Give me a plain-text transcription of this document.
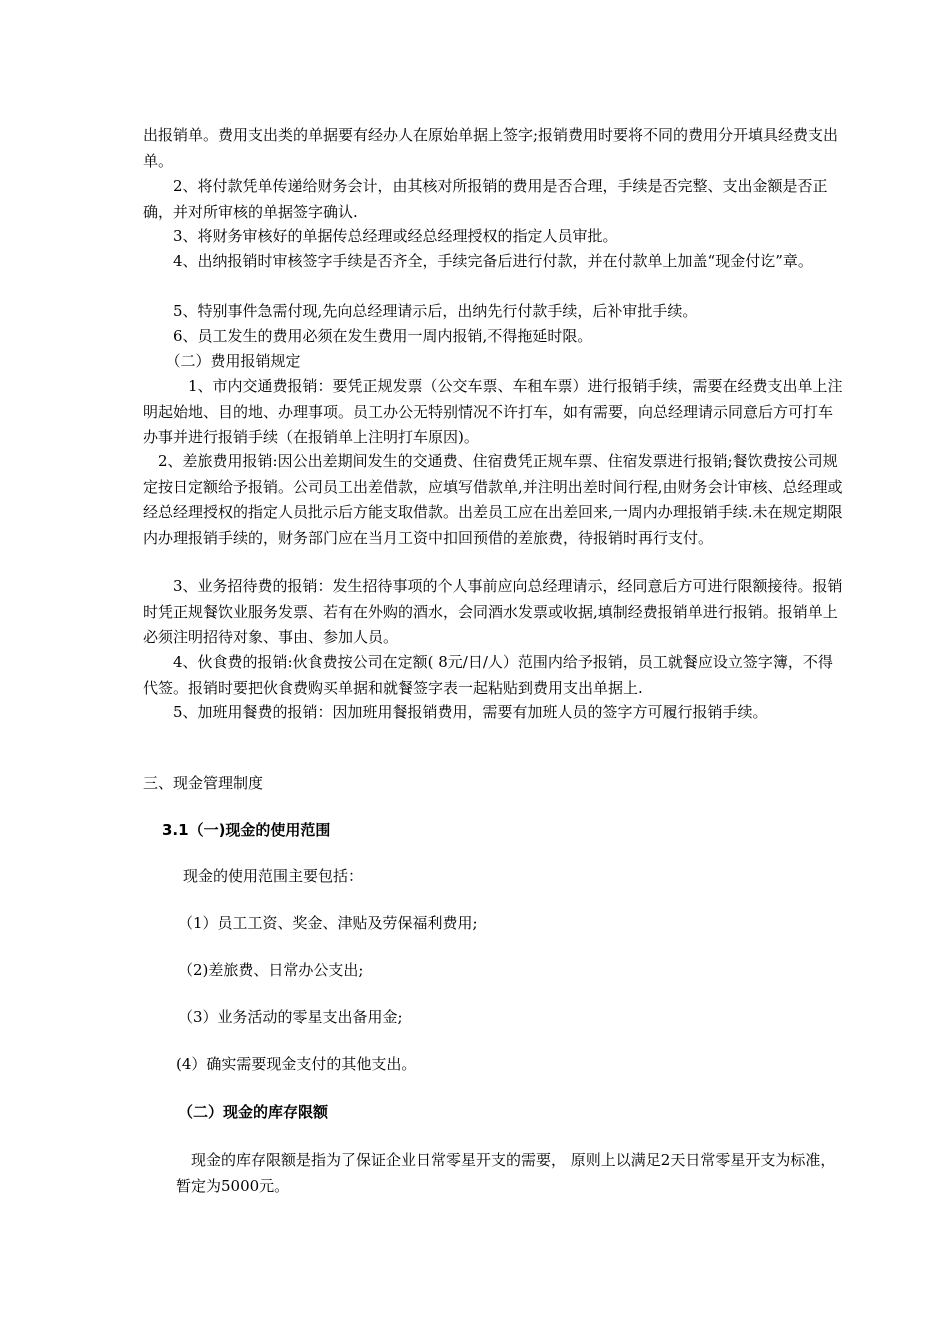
出报销单。费用支出类的单据要有经办人在原始单据上签字;报销费用时要将不同的费用分开填具经费支出单。

　　2、将付款凭单传递给财务会计，由其核对所报销的费用是否合理，手续是否完整、支出金额是否正确，并对所审核的单据签字确认.

　　3、将财务审核好的单据传总经理或经总经理授权的指定人员审批。

　　4、出纳报销时审核签字手续是否齐全，手续完备后进行付款，并在付款单上加盖“现金付讫”章。

　　5、特别事件急需付现,先向总经理请示后，出纳先行付款手续，后补审批手续。

　　6、员工发生的费用必须在发生费用一周内报销,不得拖延时限。

　　（二）费用报销规定

　　　1、市内交通费报销：要凭正规发票（公交车票、车租车票）进行报销手续，需要在经费支出单上注明起始地、目的地、办理事项。员工办公无特别情况不许打车，如有需要，向总经理请示同意后方可打车办事并进行报销手续（在报销单上注明打车原因)。

　2、差旅费用报销:因公出差期间发生的交通费、住宿费凭正规车票、住宿发票进行报销;餐饮费按公司规定按日定额给予报销。公司员工出差借款，应填写借款单,并注明出差时间行程,由财务会计审核、总经理或经总经理授权的指定人员批示后方能支取借款。出差员工应在出差回来,一周内办理报销手续.未在规定期限内办理报销手续的，财务部门应在当月工资中扣回预借的差旅费，待报销时再行支付。

　　3、业务招待费的报销：发生招待事项的个人事前应向总经理请示，经同意后方可进行限额接待。报销时凭正规餐饮业服务发票、若有在外购的酒水，会同酒水发票或收据,填制经费报销单进行报销。报销单上必须注明招待对象、事由、参加人员。

　　4、伙食费的报销:伙食费按公司在定额( 8元/日/人）范围内给予报销，员工就餐应设立签字簿，不得代签。报销时要把伙食费购买单据和就餐签字表一起粘贴到费用支出单据上.

　　5、加班用餐费的报销：因加班用餐报销费用，需要有加班人员的签字方可履行报销手续。

三、现金管理制度

3.1（一)现金的使用范围

现金的使用范围主要包括：

（1）员工工资、奖金、津贴及劳保福利费用;

（2)差旅费、日常办公支出;

（3）业务活动的零星支出备用金;

(4）确实需要现金支付的其他支出。

（二）现金的库存限额

　现金的库存限额是指为了保证企业日常零星开支的需要， 原则上以满足2天日常零星开支为标准，暂定为5000元。
